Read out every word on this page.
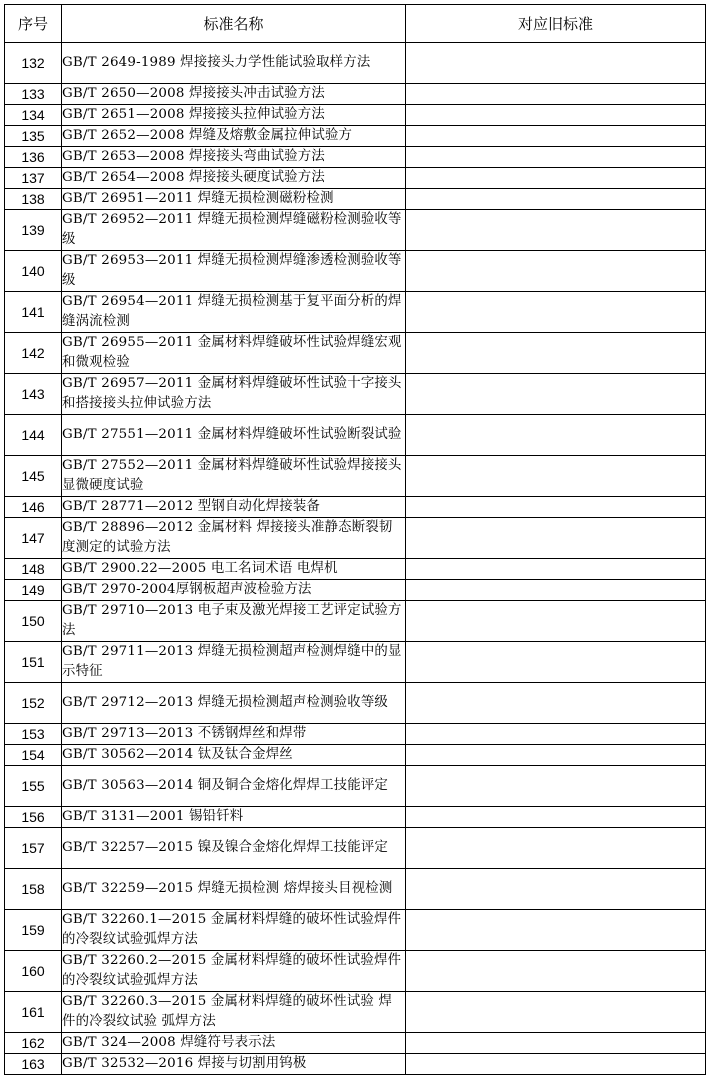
序号	标准名称	对应旧标准
132	GB/T 2649-1989 焊接接头力学性能试验取样方法	
133	GB/T 2650—2008 焊接接头冲击试验方法	
134	GB/T 2651—2008 焊接接头拉伸试验方法	
135	GB/T 2652—2008 焊缝及熔敷金属拉伸试验方	
136	GB/T 2653—2008 焊接接头弯曲试验方法	
137	GB/T 2654—2008 焊接接头硬度试验方法	
138	GB/T 26951—2011 焊缝无损检测磁粉检测	
139	GB/T 26952—2011 焊缝无损检测焊缝磁粉检测验收等级	
140	GB/T 26953—2011 焊缝无损检测焊缝渗透检测验收等级	
141	GB/T 26954—2011 焊缝无损检测基于复平面分析的焊缝涡流检测	
142	GB/T 26955—2011 金属材料焊缝破坏性试验焊缝宏观和微观检验	
143	GB/T 26957—2011 金属材料焊缝破坏性试验十字接头和搭接接头拉伸试验方法	
144	GB/T 27551—2011 金属材料焊缝破坏性试验断裂试验	
145	GB/T 27552—2011 金属材料焊缝破坏性试验焊接接头 显微硬度试验	
146	GB/T 28771—2012 型钢自动化焊接装备	
147	GB/T 28896—2012 金属材料 焊接接头准静态断裂韧度测定的试验方法	
148	GB/T 2900.22—2005 电工名词术语 电焊机	
149	GB/T 2970-2004厚钢板超声波检验方法	
150	GB/T 29710—2013 电子束及激光焊接工艺评定试验方法	
151	GB/T 29711—2013 焊缝无损检测超声检测焊缝中的显示特征	
152	GB/T 29712—2013 焊缝无损检测超声检测验收等级	
153	GB/T 29713—2013 不锈钢焊丝和焊带	
154	GB/T 30562—2014 钛及钛合金焊丝	
155	GB/T 30563—2014 铜及铜合金熔化焊焊工技能评定	
156	GB/T 3131—2001 锡铅钎料	
157	GB/T 32257—2015 镍及镍合金熔化焊焊工技能评定	
158	GB/T 32259—2015 焊缝无损检测 熔焊接头目视检测	
159	GB/T 32260.1—2015 金属材料焊缝的破坏性试验焊件的冷裂纹试验弧焊方法	
160	GB/T 32260.2—2015 金属材料焊缝的破坏性试验焊件的冷裂纹试验弧焊方法	
161	GB/T 32260.3—2015 金属材料焊缝的破坏性试验 焊件的冷裂纹试验 弧焊方法	
162	GB/T 324—2008 焊缝符号表示法	
163	GB/T 32532—2016 焊接与切割用钨极	
